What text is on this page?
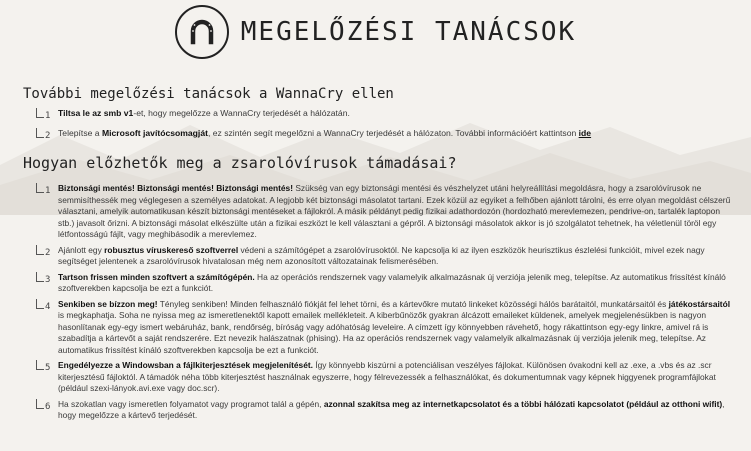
MEGELŐZÉSI TANÁCSOK
További megelőzési tanácsok a WannaCry ellen
1 Tiltsa le az smb v1-et, hogy megelőzze a WannaCry terjedését a hálózatán.
2 Telepítse a Microsoft javítócsomagját, ez szintén segít megelőzni a WannaCry terjedését a hálózaton. További információért kattintson ide
Hogyan előzhetők meg a zsarolóvírusok támadásai?
1 Biztonsági mentés! Biztonsági mentés! Biztonsági mentés! Szükség van egy biztonsági mentési és vészhelyzet utáni helyreállítási megoldásra, hogy a zsarolóvírusok ne semmisíthessék meg véglegesen a személyes adatokat. A legjobb két biztonsági másolatot tartani. Ezek közül az egyiket a felhőben ajánlott tárolni, és erre olyan megoldást célszerű választani, amelyik automatikusan készít biztonsági mentéseket a fájlokról. A másik példányt pedig fizikai adathordozón (hordozható merevlemezen, pendrive-on, tartalék laptopon stb.) javasolt őrizni. A biztonsági másolat elkészülte után a fizikai eszközt le kell választani a gépről. A biztonsági másolatok akkor is jó szolgálatot tehetnek, ha véletlenül töröl egy létfontosságú fájlt, vagy meghibásodik a merevlemez.
2 Ajánlott egy robusztus víruskereső szoftverrel védeni a számítógépet a zsarolóvírusoktól. Ne kapcsolja ki az ilyen eszközök heurisztikus észlelési funkcióit, mivel ezek nagy segítséget jelentenek a zsarolóvírusok hivatalosan még nem azonosított változatainak felismerésében.
3 Tartson frissen minden szoftvert a számítógépén. Ha az operációs rendszernek vagy valamelyik alkalmazásnak új verziója jelenik meg, telepítse. Az automatikus frissítést kínáló szoftverekben kapcsolja be ezt a funkciót.
4 Senkiben se bízzon meg! Tényleg senkiben! Minden felhasználó fiókját fel lehet törni, és a kártevőkre mutató linkeket közösségi hálós barátaitól, munkatársaitól és játékostársaitól is megkaphatja. Soha ne nyissa meg az ismeretlenektől kapott emailek mellékleteit. A kiberbűnözők gyakran álcázott emaileket küldenek, amelyek megjelenésükben is nagyon hasonlítanak egy-egy ismert webáruház, bank, rendőrség, bíróság vagy adóhatóság leveleire. A címzett így könnyebben rávehető, hogy rákattintson egy-egy linkre, amivel rá is szabadítja a kártevőt a saját rendszerére. Ezt nevezik halászatnak (phising). Ha az operációs rendszernek vagy valamelyik alkalmazásnak új verziója jelenik meg, telepítse. Az automatikus frissítést kínáló szoftverekben kapcsolja be ezt a funkciót.
5 Engedélyezze a Windowsban a fájlkiterjesztések megjelenítését. Így könnyebb kiszúrni a potenciálisan veszélyes fájlokat. Különösen óvakodni kell az .exe, a .vbs és az .scr kiterjesztésű fájloktól. A támadók néha több kiterjesztést használnak egyszerre, hogy félrevezessék a felhasználókat, és dokumentumnak vagy képnek higgyenek programfájlokat (például szexi-lányok.avi.exe vagy doc.scr).
6 Ha szokatlan vagy ismeretlen folyamatot vagy programot talál a gépén, azonnal szakítsa meg az internetkapcsolatot és a többi hálózati kapcsolatot (például az otthoni wifit), hogy megelőzze a kártevő terjedését.
